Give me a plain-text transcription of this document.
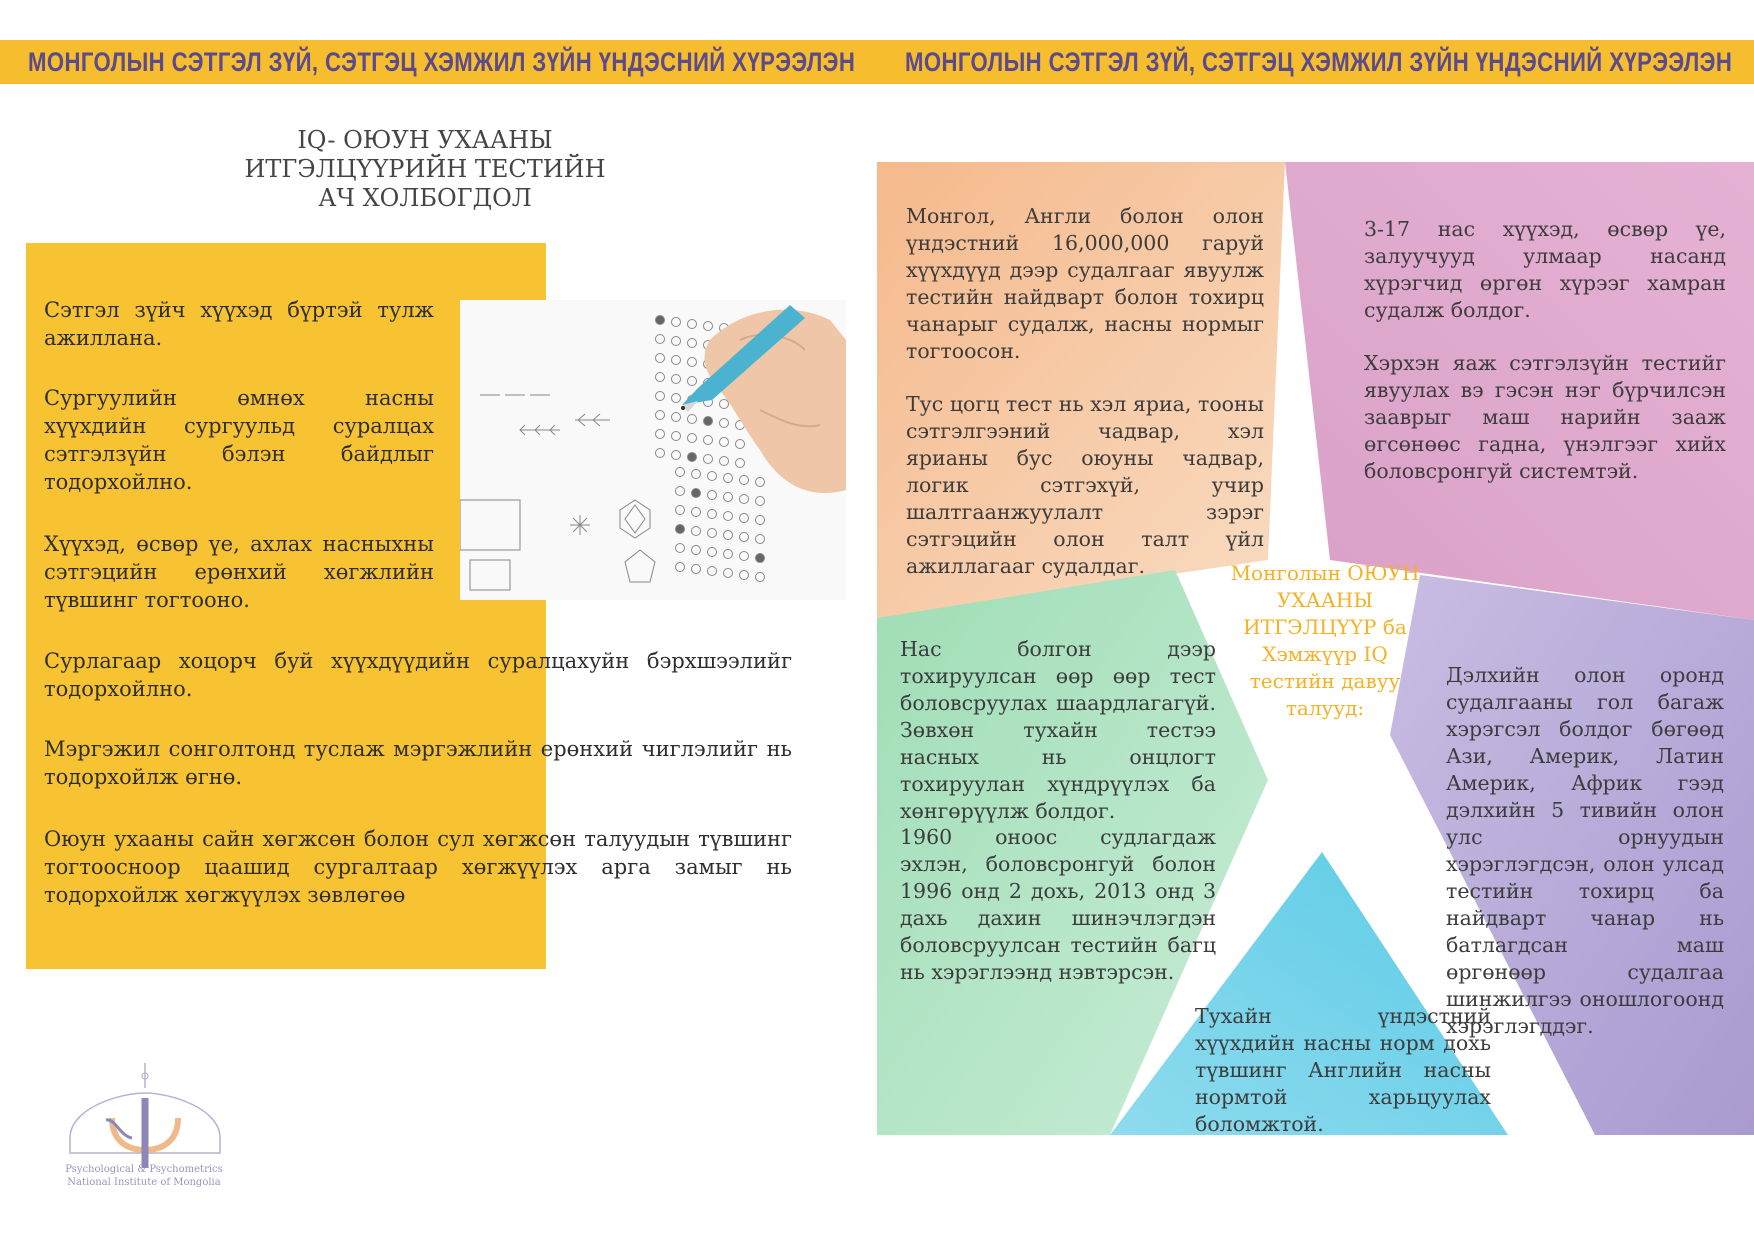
МОНГОЛЫН СЭТГЭЛ ЗҮЙ, СЭТГЭЦ ХЭМЖИЛ ЗҮЙН ҮНДЭСНИЙ ХҮРЭЭЛЭН МОНГОЛЫН СЭТГЭЛ ЗҮЙ, СЭТГЭЦ ХЭМЖИЛ ЗҮЙН ҮНДЭСНИЙ ХҮРЭЭЛЭН
IQ- ОЮУН УХААНЫ
ИТГЭЛЦҮҮРИЙН ТЕСТИЙН
АЧ ХОЛБОГДОЛ
Сэтгэл зүйч хүүхэд бүртэй тулж ажиллана.
Сургуулийн өмнөх насны хүүхдийн сургуульд суралцах сэтгэлзүйн бэлэн байдлыг тодорхойлно.
Хүүхэд, өсвөр үе, ахлах насныхны сэтгэцийн ерөнхий хөгжлийн түвшинг тогтооно.
Сурлагаар хоцорч буй хүүхдүүдийн суралцахуйн бэрхшээлийг тодорхойлно.
Мэргэжил сонголтонд туслаж мэргэжлийн ерөнхий чиглэлийг нь тодорхойлж өгнө.
Оюун ухааны сайн хөгжсөн болон сул хөгжсөн талуудын түвшинг тогтоосноор цаашид сургалтаар хөгжүүлэх арга замыг нь тодорхойлж хөгжүүлэх зөвлөгөө
Psychological & Psychometrics
National Institute of Mongolia
Монголын ОЮУН УХААНЫ ИТГЭЛЦҮҮР ба Хэмжүүр IQ тестийн давуу талууд:
Монгол, Англи болон олон үндэстний 16,000,000 гаруй хүүхдүүд дээр судалгааг явуулж тестийн найдварт болон тохирц чанарыг судалж, насны нормыг тогтоосон.
Тус цогц тест нь хэл яриа, тооны сэтгэлгээний чадвар, хэл ярианы бус оюуны чадвар, логик сэтгэхүй, учир шалтгаанжуулалт зэрэг сэтгэцийн олон талт үйл ажиллагааг судалдаг.
3-17 нас хүүхэд, өсвөр үе, залуучууд улмаар насанд хүрэгчид өргөн хүрээг хамран судалж болдог.
Хэрхэн яаж сэтгэлзүйн тестийг явуулах вэ гэсэн нэг бүрчилсэн зааврыг маш нарийн зааж өгсөнөөс гадна, үнэлгээг хийх боловсронгуй системтэй.
Нас болгон дээр тохируулсан өөр өөр тест боловсруулах шаардлагагүй. Зөвхөн тухайн тестээ насных нь онцлогт тохируулан хүндрүүлэх ба хөнгөрүүлж болдог.
1960 оноос судлагдаж эхлэн, боловсронгуй болон 1996 онд 2 дохь, 2013 онд 3 дахь дахин шинэчлэгдэн боловсруулсан тестийн багц нь хэрэглээнд нэвтэрсэн.
Дэлхийн олон оронд судалгааны гол багаж хэрэгсэл болдог бөгөөд Ази, Америк, Латин Америк, Африк гээд дэлхийн 5 тивийн олон улс орнуудын хэрэглэгдсэн, олон улсад тестийн тохирц ба найдварт чанар нь батлагдсан маш өргөнөөр судалгаа шинжилгээ оношлогоонд хэрэглэгддэг.
Тухайн үндэстний хүүхдийн насны норм дохь түвшинг Английн насны нормтой харьцуулах боломжтой.
